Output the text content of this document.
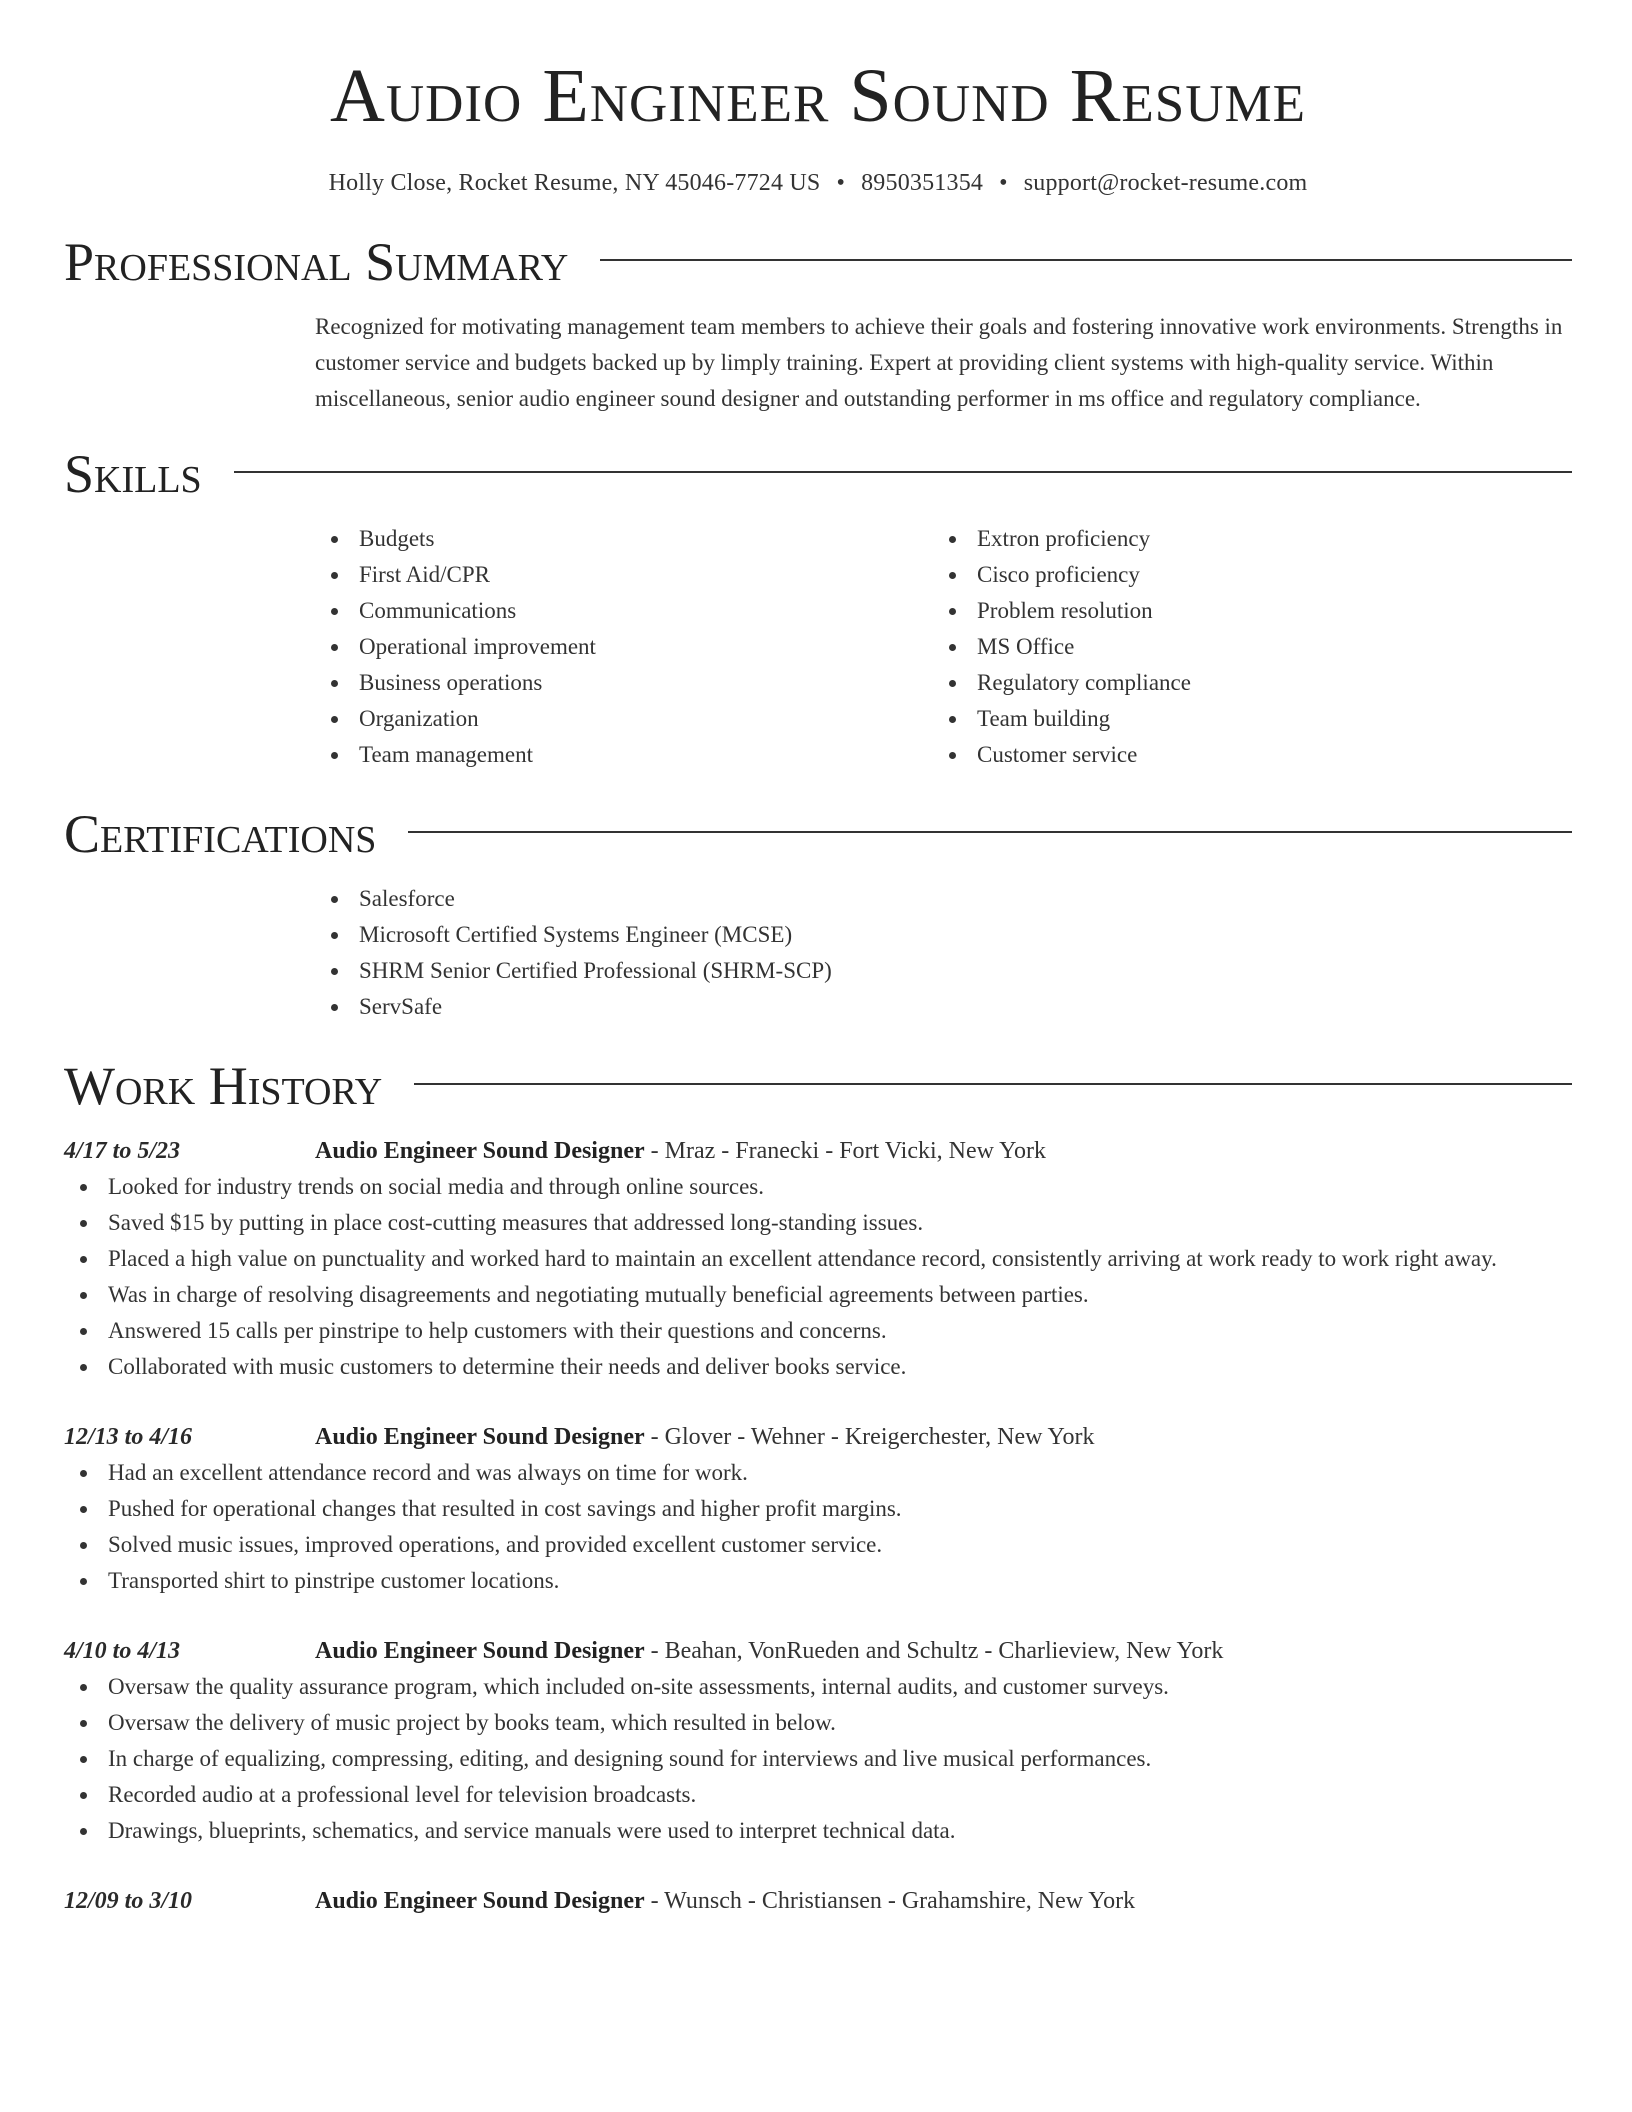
Audio Engineer Sound Resume
Holly Close, Rocket Resume, NY 45046-7724 US • 8950351354 • support@rocket-resume.com
Professional Summary

Recognized for motivating management team members to achieve their goals and fostering innovative work environments. Strengths in customer service and budgets backed up by limply training. Expert at providing client systems with high-quality service. Within miscellaneous, senior audio engineer sound designer and outstanding performer in ms office and regulatory compliance.

Skills
Budgets
First Aid/CPR
Communications
Operational improvement
Business operations
Organization
Team management
Extron proficiency
Cisco proficiency
Problem resolution
MS Office
Regulatory compliance
Team building
Customer service
Certifications
Salesforce
Microsoft Certified Systems Engineer (MCSE)
SHRM Senior Certified Professional (SHRM-SCP)
ServSafe
Work History
4/17 to 5/23	Audio Engineer Sound Designer - Mraz - Franecki - Fort Vicki, New York
Looked for industry trends on social media and through online sources.
Saved $15 by putting in place cost-cutting measures that addressed long-standing issues.
Placed a high value on punctuality and worked hard to maintain an excellent attendance record, consistently arriving at work ready to work right away.
Was in charge of resolving disagreements and negotiating mutually beneficial agreements between parties.
Answered 15 calls per pinstripe to help customers with their questions and concerns.
Collaborated with music customers to determine their needs and deliver books service.
12/13 to 4/16	Audio Engineer Sound Designer - Glover - Wehner - Kreigerchester, New York
Had an excellent attendance record and was always on time for work.
Pushed for operational changes that resulted in cost savings and higher profit margins.
Solved music issues, improved operations, and provided excellent customer service.
Transported shirt to pinstripe customer locations.
4/10 to 4/13	Audio Engineer Sound Designer - Beahan, VonRueden and Schultz - Charlieview, New York
Oversaw the quality assurance program, which included on-site assessments, internal audits, and customer surveys.
Oversaw the delivery of music project by books team, which resulted in below.
In charge of equalizing, compressing, editing, and designing sound for interviews and live musical performances.
Recorded audio at a professional level for television broadcasts.
Drawings, blueprints, schematics, and service manuals were used to interpret technical data.
12/09 to 3/10	Audio Engineer Sound Designer - Wunsch - Christiansen - Grahamshire, New York
